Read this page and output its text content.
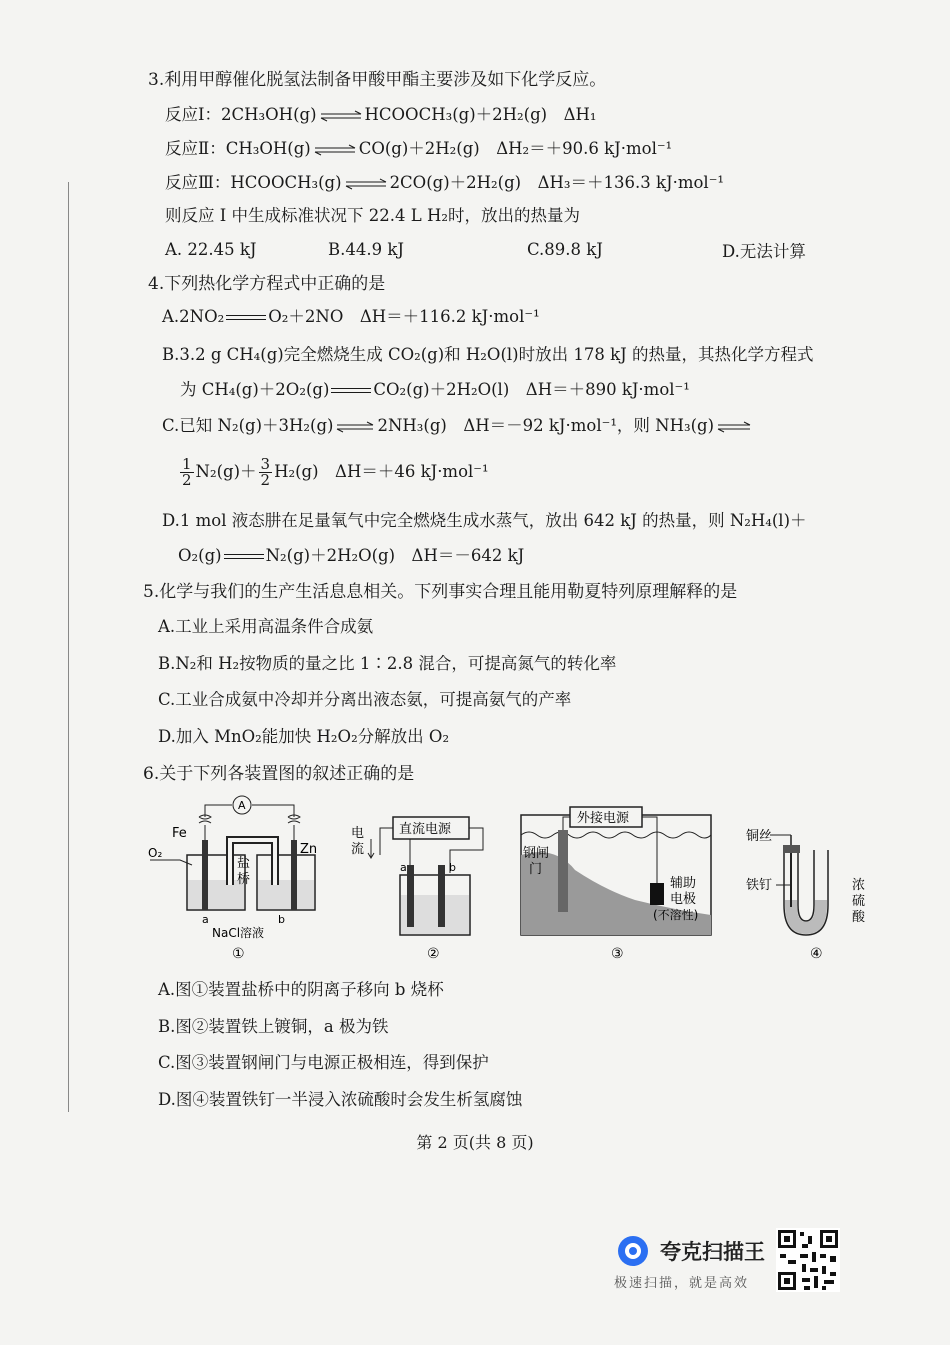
3.利用甲醇催化脱氢法制备甲酸甲酯主要涉及如下化学反应。
反应Ⅰ：2CH₃OH(g) ⇌ HCOOCH₃(g)＋2H₂(g)　ΔH₁
反应Ⅱ：CH₃OH(g) ⇌ CO(g)＋2H₂(g)　ΔH₂＝＋90.6 kJ·mol⁻¹
反应Ⅲ：HCOOCH₃(g) ⇌ 2CO(g)＋2H₂(g)　ΔH₃＝＋136.3 kJ·mol⁻¹
则反应 Ⅰ 中生成标准状况下 22.4 L H₂时，放出的热量为
A. 22.45 kJ	B.44.9 kJ	C.89.8 kJ	D.无法计算
4.下列热化学方程式中正确的是
A.2NO₂	O₂＋2NO　ΔH＝＋116.2 kJ·mol⁻¹
B.3.2 g CH₄(g)完全燃烧生成 CO₂(g)和 H₂O(l)时放出 178 kJ 的热量，其热化学方程式
为 CH₄(g)＋2O₂(g)	CO₂(g)＋2H₂O(l)　ΔH＝＋890 kJ·mol⁻¹
C.已知 N₂(g)＋3H₂(g) ⇌ 2NH₃(g)　ΔH＝－92 kJ·mol⁻¹，则 NH₃(g) ⇌
$\frac{1}{2} N_2(g)+ \frac{3}{2} H_2(g)$　ΔH＝＋46 kJ·mol⁻¹
D.1 mol 液态肼在足量氧气中完全燃烧生成水蒸气，放出 642 kJ 的热量，则 N₂H₄(l)＋
O₂(g)	N₂(g)＋2H₂O(g)　ΔH＝－642 kJ
5.化学与我们的生产生活息息相关。下列事实合理且能用勒夏特列原理解释的是
A.工业上采用高温条件合成氨
B.N₂和 H₂按物质的量之比 1∶2.8 混合，可提高氮气的转化率
C.工业合成氨中冷却并分离出液态氨，可提高氨气的产率
D.加入 MnO₂能加快 H₂O₂分解放出 O₂
6.关于下列各装置图的叙述正确的是
A
Fe
Zn
O₂
盐
桥
a	b
NaCl溶液
①
直流电源
电
流
a	b
②
外接电源
钢闸
门
辅助
电极
(不溶性)
③
铜丝
铁钉	浓
硫
酸
④
A.图①装置盐桥中的阴离子移向 b 烧杯
B.图②装置铁上镀铜，a 极为铁
C.图③装置钢闸门与电源正极相连，得到保护
D.图④装置铁钉一半浸入浓硫酸时会发生析氢腐蚀
第 2 页(共 8 页)
夸克扫描王
极速扫描，就是高效
